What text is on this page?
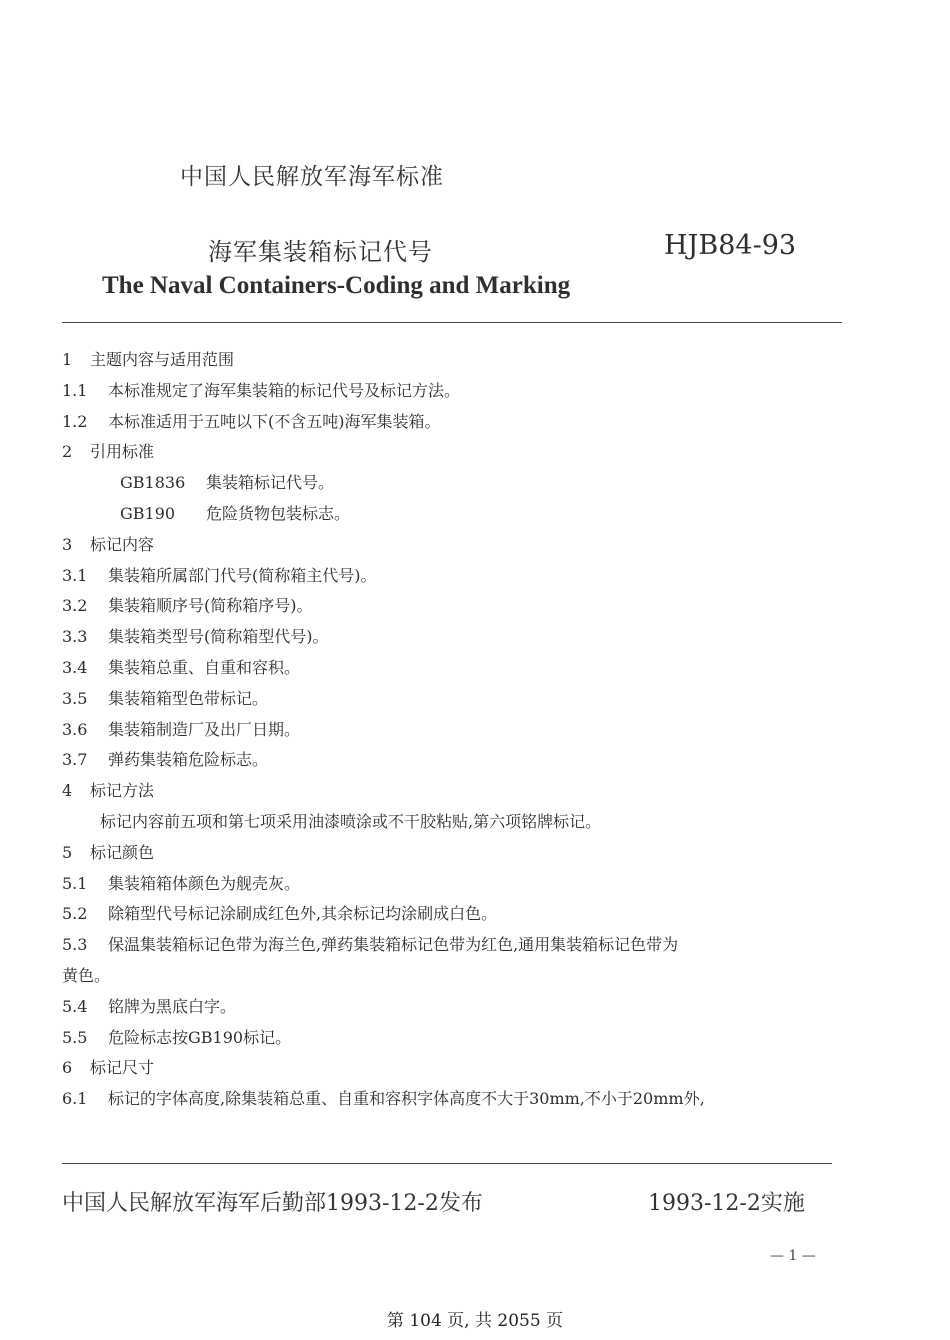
中国人民解放军海军标准
海军集装箱标记代号	HJB84-93
The Naval Containers-Coding and Marking
1 主题内容与适用范围
1.1 本标准规定了海军集装箱的标记代号及标记方法。
1.2 本标准适用于五吨以下(不含五吨)海军集装箱。
2 引用标准
GB1836 集装箱标记代号。
GB190 危险货物包装标志。
3 标记内容
3.1 集装箱所属部门代号(简称箱主代号)。
3.2 集装箱顺序号(简称箱序号)。
3.3 集装箱类型号(简称箱型代号)。
3.4 集装箱总重、自重和容积。
3.5 集装箱箱型色带标记。
3.6 集装箱制造厂及出厂日期。
3.7 弹药集装箱危险标志。
4 标记方法
标记内容前五项和第七项采用油漆喷涂或不干胶粘贴,第六项铭牌标记。
5 标记颜色
5.1 集装箱箱体颜色为舰壳灰。
5.2 除箱型代号标记涂刷成红色外,其余标记均涂刷成白色。
5.3 保温集装箱标记色带为海兰色,弹药集装箱标记色带为红色,通用集装箱标记色带为
黄色。
5.4 铭牌为黑底白字。
5.5 危险标志按GB190标记。
6 标记尺寸
6.1 标记的字体高度,除集装箱总重、自重和容积字体高度不大于30mm,不小于20mm外,
中国人民解放军海军后勤部1993-12-2发布	1993-12-2实施
— 1 —
第 104 页, 共 2055 页
